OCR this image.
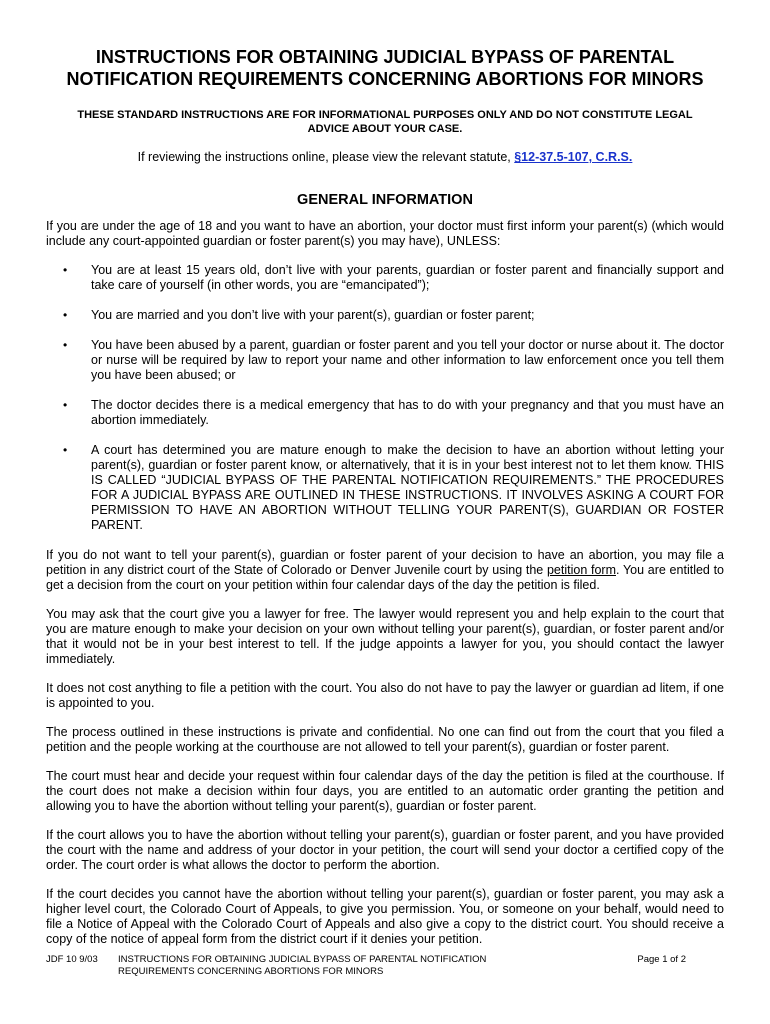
INSTRUCTIONS FOR OBTAINING JUDICIAL BYPASS OF PARENTAL
NOTIFICATION REQUIREMENTS CONCERNING ABORTIONS FOR MINORS
THESE STANDARD INSTRUCTIONS ARE FOR INFORMATIONAL PURPOSES ONLY AND DO NOT CONSTITUTE LEGAL ADVICE ABOUT YOUR CASE.
If reviewing the instructions online, please view the relevant statute, §12-37.5-107, C.R.S.
GENERAL INFORMATION

If you are under the age of 18 and you want to have an abortion, your doctor must first inform your parent(s) (which would include any court-appointed guardian or foster parent(s) you may have), UNLESS:

• You are at least 15 years old, don’t live with your parents, guardian or foster parent and financially support and take care of yourself (in other words, you are “emancipated”);
• You are married and you don’t live with your parent(s), guardian or foster parent;
• You have been abused by a parent, guardian or foster parent and you tell your doctor or nurse about it. The doctor or nurse will be required by law to report your name and other information to law enforcement once you tell them you have been abused; or
• The doctor decides there is a medical emergency that has to do with your pregnancy and that you must have an abortion immediately.
• A court has determined you are mature enough to make the decision to have an abortion without letting your parent(s), guardian or foster parent know, or alternatively, that it is in your best interest not to let them know. THIS IS CALLED “JUDICIAL BYPASS OF THE PARENTAL NOTIFICATION REQUIREMENTS.” THE PROCEDURES FOR A JUDICIAL BYPASS ARE OUTLINED IN THESE INSTRUCTIONS. IT INVOLVES ASKING A COURT FOR PERMISSION TO HAVE AN ABORTION WITHOUT TELLING YOUR PARENT(S), GUARDIAN OR FOSTER PARENT.

If you do not want to tell your parent(s), guardian or foster parent of your decision to have an abortion, you may file a petition in any district court of the State of Colorado or Denver Juvenile court by using the petition form. You are entitled to get a decision from the court on your petition within four calendar days of the day the petition is filed.

You may ask that the court give you a lawyer for free. The lawyer would represent you and help explain to the court that you are mature enough to make your decision on your own without telling your parent(s), guardian, or foster parent and/or that it would not be in your best interest to tell. If the judge appoints a lawyer for you, you should contact the lawyer immediately.

It does not cost anything to file a petition with the court. You also do not have to pay the lawyer or guardian ad litem, if one is appointed to you.

The process outlined in these instructions is private and confidential. No one can find out from the court that you filed a petition and the people working at the courthouse are not allowed to tell your parent(s), guardian or foster parent.

The court must hear and decide your request within four calendar days of the day the petition is filed at the courthouse. If the court does not make a decision within four days, you are entitled to an automatic order granting the petition and allowing you to have the abortion without telling your parent(s), guardian or foster parent.

If the court allows you to have the abortion without telling your parent(s), guardian or foster parent, and you have provided the court with the name and address of your doctor in your petition, the court will send your doctor a certified copy of the order. The court order is what allows the doctor to perform the abortion.

If the court decides you cannot have the abortion without telling your parent(s), guardian or foster parent, you may ask a higher level court, the Colorado Court of Appeals, to give you permission. You, or someone on your behalf, would need to file a Notice of Appeal with the Colorado Court of Appeals and also give a copy to the district court. You should receive a copy of the notice of appeal form from the district court if it denies your petition.

JDF 10 9/03 INSTRUCTIONS FOR OBTAINING JUDICIAL BYPASS OF PARENTAL NOTIFICATION REQUIREMENTS CONCERNING ABORTIONS FOR MINORS
Page 1 of 2
